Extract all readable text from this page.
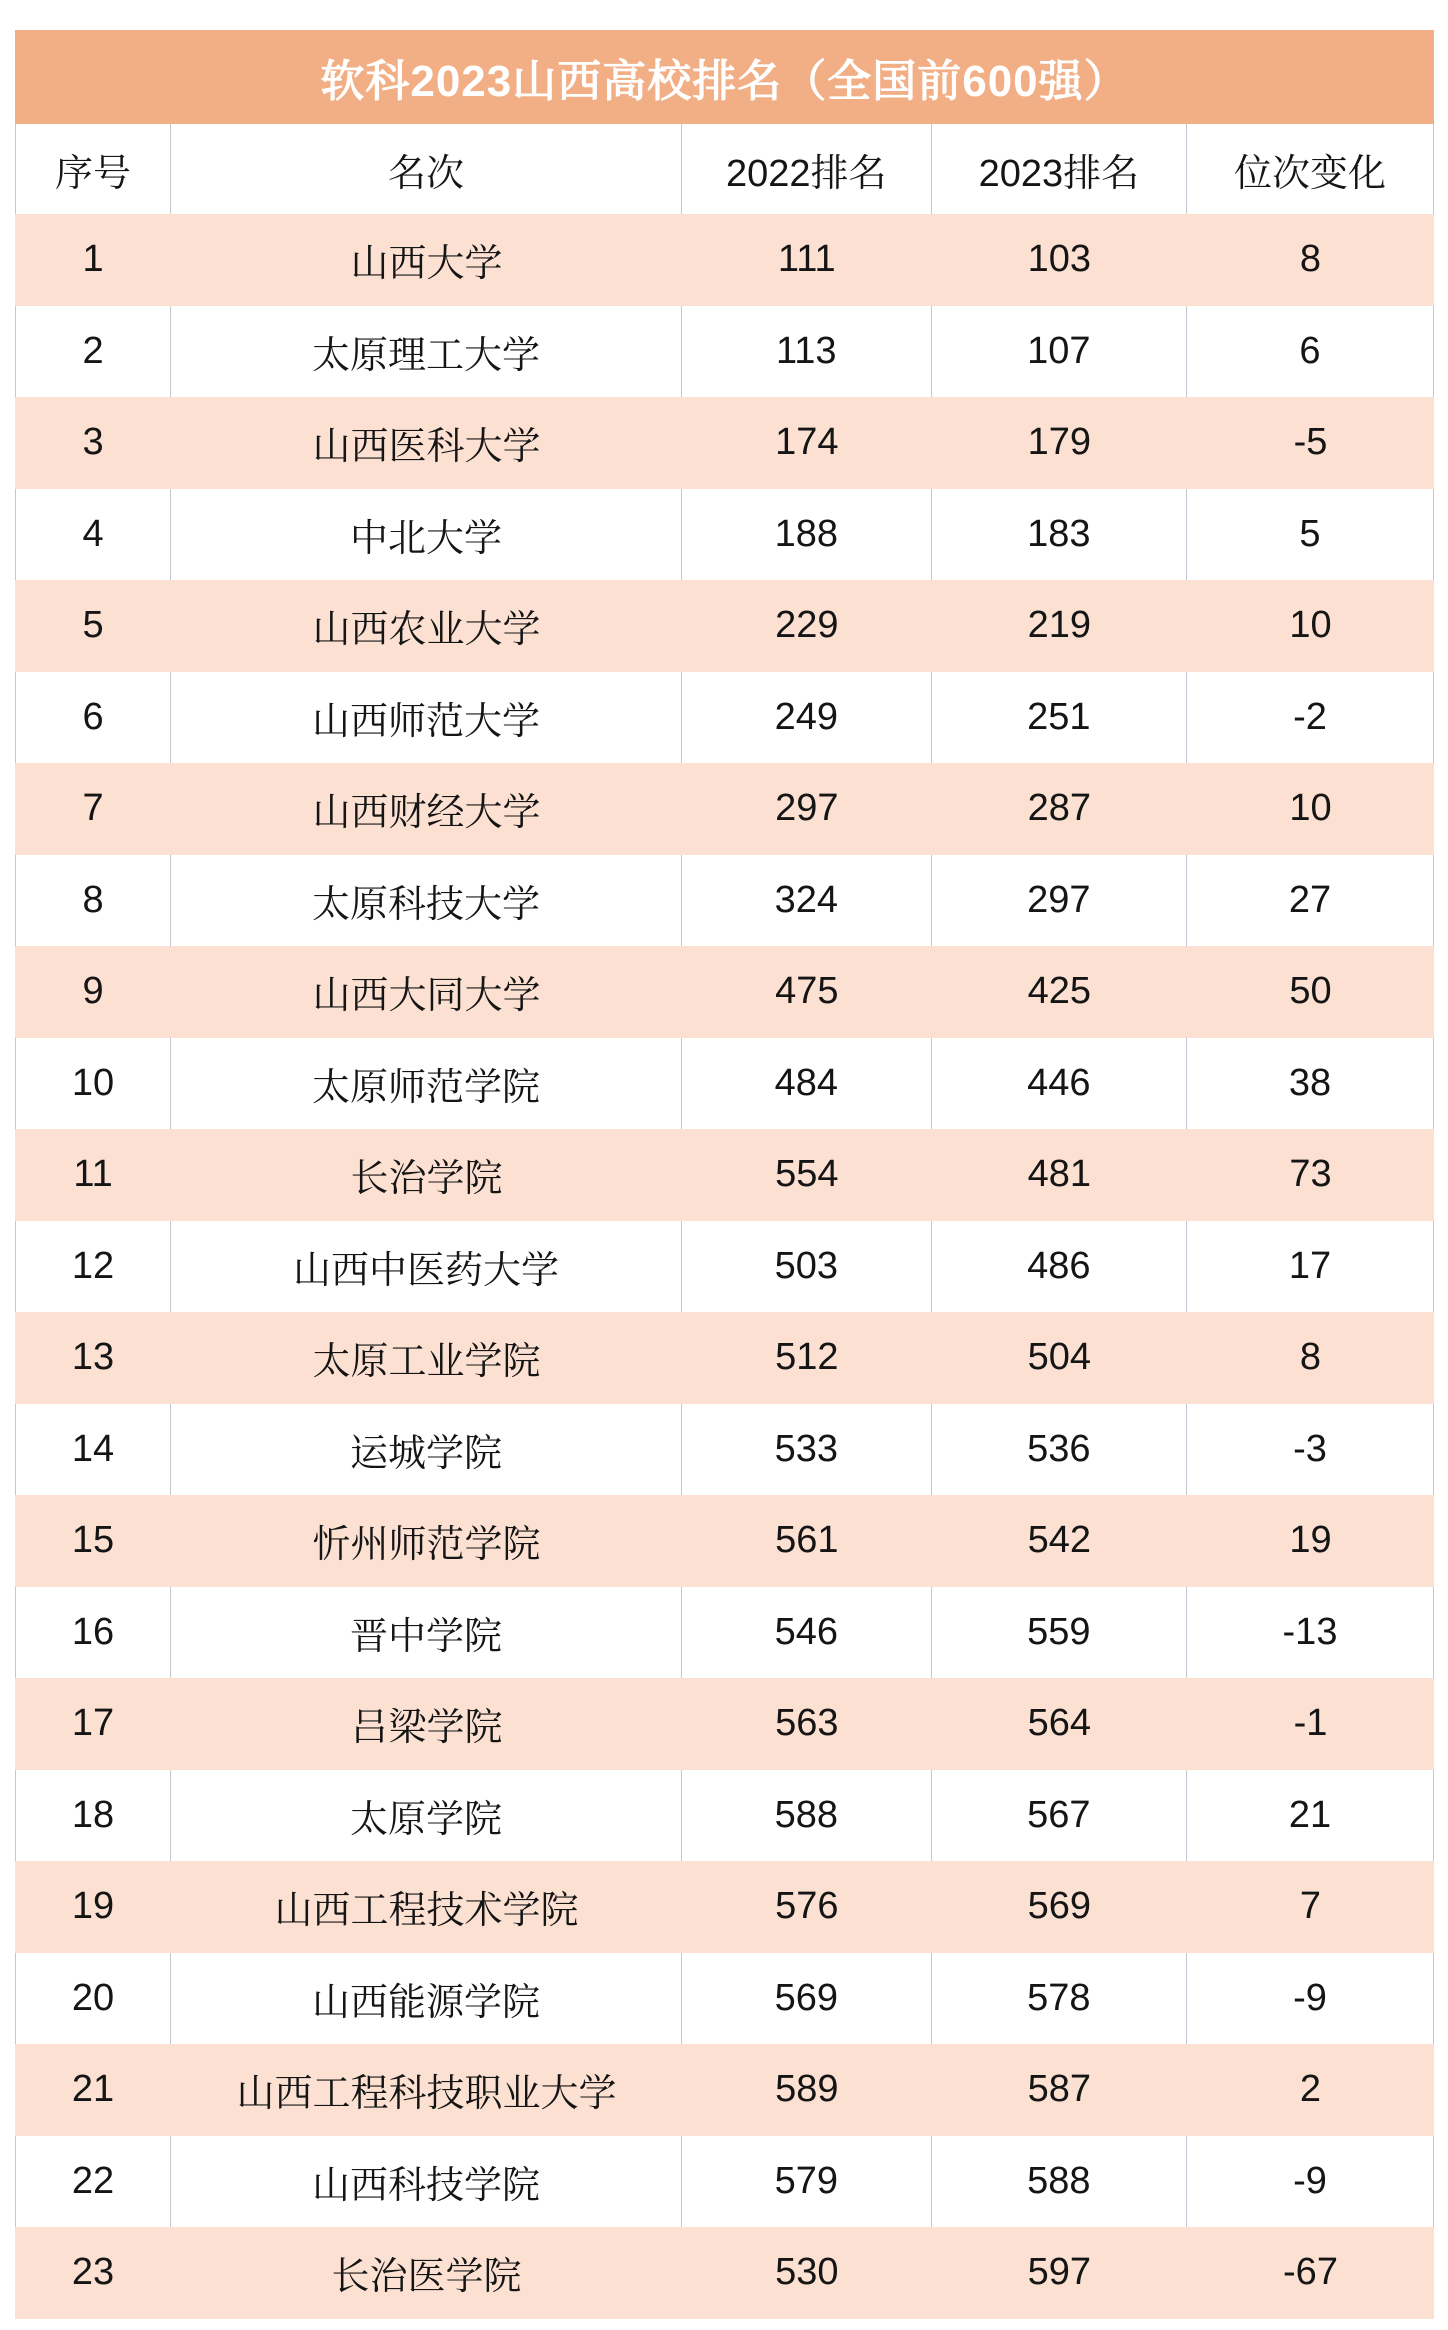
软科2023山西高校排名（全国前600强）
序号	名次	2022排名	2023排名	位次变化
1	山西大学	111	103	8
2	太原理工大学	113	107	6
3	山西医科大学	174	179	-5
4	中北大学	188	183	5
5	山西农业大学	229	219	10
6	山西师范大学	249	251	-2
7	山西财经大学	297	287	10
8	太原科技大学	324	297	27
9	山西大同大学	475	425	50
10	太原师范学院	484	446	38
11	长治学院	554	481	73
12	山西中医药大学	503	486	17
13	太原工业学院	512	504	8
14	运城学院	533	536	-3
15	忻州师范学院	561	542	19
16	晋中学院	546	559	-13
17	吕梁学院	563	564	-1
18	太原学院	588	567	21
19	山西工程技术学院	576	569	7
20	山西能源学院	569	578	-9
21	山西工程科技职业大学	589	587	2
22	山西科技学院	579	588	-9
23	长治医学院	530	597	-67
